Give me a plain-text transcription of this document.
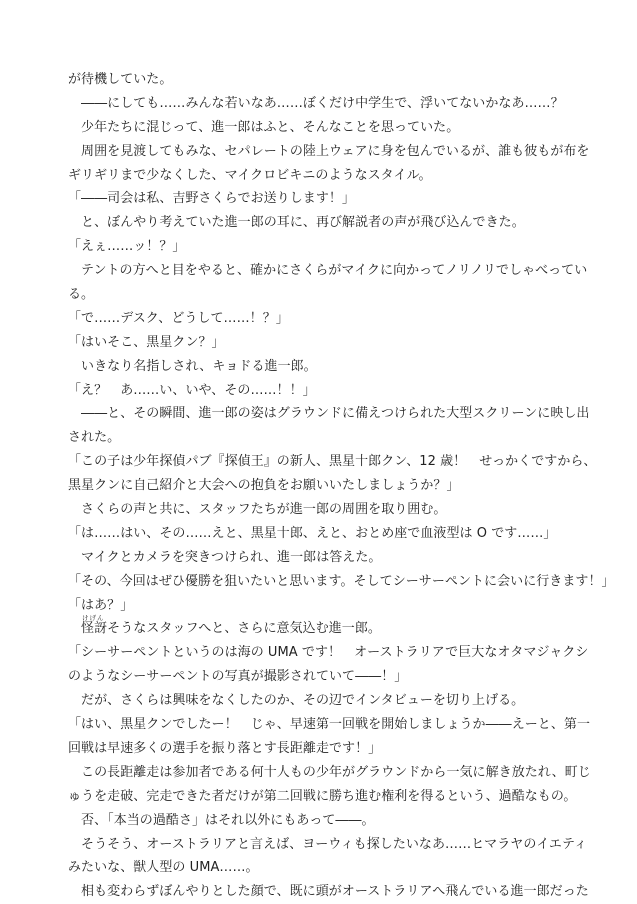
が待機していた。
　――にしても……みんな若いなあ……ぼくだけ中学生で、浮いてないかなあ……？
　少年たちに混じって、進一郎はふと、そんなことを思っていた。
　周囲を見渡してもみな、セパレートの陸上ウェアに身を包んでいるが、誰も彼もが布を
ギリギリまで少なくした、マイクロビキニのようなスタイル。
「――司会は私、吉野さくらでお送りします！」
　と、ぼんやり考えていた進一郎の耳に、再び解説者の声が飛び込んできた。
「えぇ……ッ！？」
　テントの方へと目をやると、確かにさくらがマイクに向かってノリノリでしゃべってい
る。
「で……デスク、どうして……！？」
「はいそこ、黒星クン？」
　いきなり名指しされ、キョドる進一郎。
「え？　あ……い、いや、その……！！」
　――と、その瞬間、進一郎の姿はグラウンドに備えつけられた大型スクリーンに映し出
された。
「この子は少年探偵パブ『探偵王』の新人、黒星十郎クン、12 歳！　せっかくですから、
黒星クンに自己紹介と大会への抱負をお願いいたしましょうか？」
　さくらの声と共に、スタッフたちが進一郎の周囲を取り囲む。
「は……はい、その……えと、黒星十郎、えと、おとめ座で血液型は O です……」
　マイクとカメラを突きつけられ、進一郎は答えた。
「その、今回はぜひ優勝を狙いたいと思います。そしてシーサーペントに会いに行きます！」
「はあ？」
けげん
　怪訝そうなスタッフへと、さらに意気込む進一郎。
「シーサーペントというのは海の UMA です！　オーストラリアで巨大なオタマジャクシ
のようなシーサーペントの写真が撮影されていて――！」
　だが、さくらは興味をなくしたのか、その辺でインタビューを切り上げる。
「はい、黒星クンでしたー！　じゃ、早速第一回戦を開始しましょうか――えーと、第一
回戦は早速多くの選手を振り落とす長距離走です！」
　この長距離走は参加者である何十人もの少年がグラウンドから一気に解き放たれ、町じ
ゅうを走破、完走できた者だけが第二回戦に勝ち進む権利を得るという、過酷なもの。
　否、「本当の過酷さ」はそれ以外にもあって――。
　そうそう、オーストラリアと言えば、ヨーウィも探したいなあ……ヒマラヤのイエティ
みたいな、獣人型の UMA……。
　相も変わらずぼんやりとした顔で、既に頭がオーストラリアへ飛んでいる進一郎だった
